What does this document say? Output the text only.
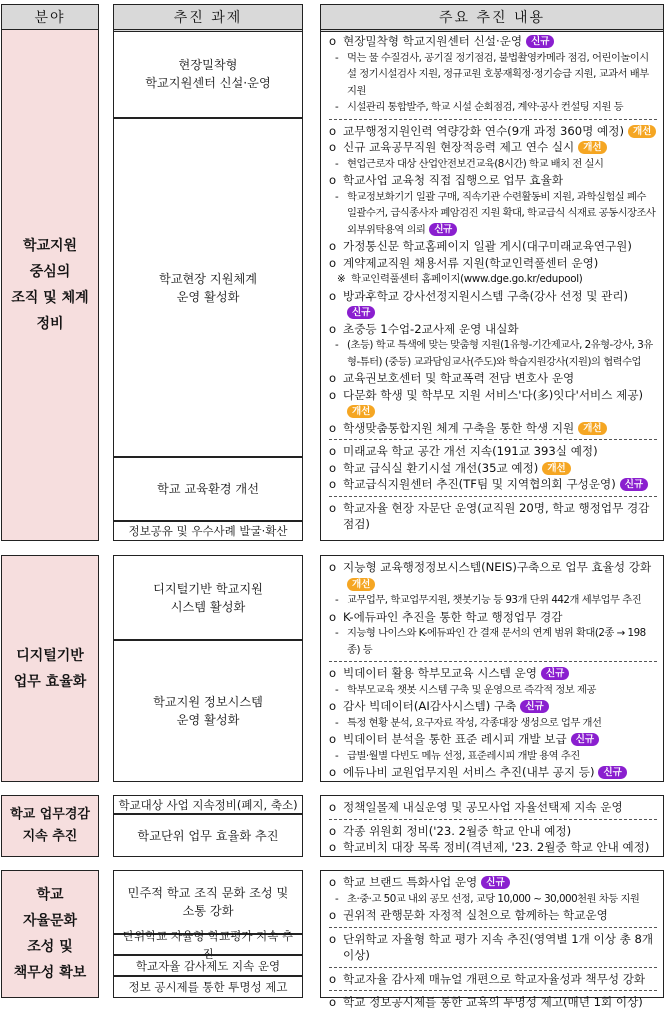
분야	추진 과제	주요 추진 내용
학교지원
중심의
조직 및 체계
정비
현장밀착형
학교지원센터 신설·운영
학교현장 지원체계
운영 활성화
학교 교육환경 개선
정보공유 및 우수사례 발굴·확산
o 현장밀착형 학교지원센터 신설·운영 신규
- 먹는 물 수질검사, 공기질 정기점검, 불법촬영카메라 점검, 어린이놀이시설 정기시설검사 지원, 정규교원 호봉재획정·정기승급 지원, 교과서 배부지원
- 시설관리 통합발주, 학교 시설 순회점검, 계약·공사 컨설팅 지원 등
o 교무행정지원인력 역량강화 연수(9개 과정 360명 예정) 개선
o 신규 교육공무직원 현장적응력 제고 연수 실시 개선
- 현업근로자 대상 산업안전보건교육(8시간) 학교 배치 전 실시
o 학교사업 교육청 직접 집행으로 업무 효율화
- 학교정보화기기 일괄 구매, 직속기관 수련활동비 지원, 과학실험실 폐수 일괄수거, 급식종사자 폐암검진 지원 확대, 학교급식 식재료 공동시장조사 외부위탁용역 의뢰 신규
o 가정통신문 학교홈페이지 일괄 게시(대구미래교육연구원)
o 계약제교직원 채용서류 지원(학교인력풀센터 운영)
※ 학교인력풀센터 홈페이지(www.dge.go.kr/edupool)
o 방과후학교 강사선정지원시스템 구축(강사 선정 및 관리)신규
o 초중등 1수업-2교사제 운영 내실화
- (초등) 학교 특색에 맞는 맞춤형 지원(1유형-기간제교사, 2유형-강사, 3유형-튜터) (중등) 교과담임교사(주도)와 학습지원강사(지원)의 협력수업
o 교육권보호센터 및 학교폭력 전담 변호사 운영
o 다문화 학생 및 학부모 지원 서비스'다(多)잇다'서비스 제공)개선
o 학생맞춤통합지원 체계 구축을 통한 학생 지원 개선
o 미래교육 학교 공간 개선 지속(191교 393실 예정)
o 학교 급식실 환기시설 개선(35교 예정) 개선
o 학교급식지원센터 추진(TF팀 및 지역협의회 구성운영) 신규
o 학교자율 현장 자문단 운영(교직원 20명, 학교 행정업무 경감 점검)
디지털기반
업무 효율화
디지털기반 학교지원
시스템 활성화
학교지원 정보시스템
운영 활성화
o 지능형 교육행정정보시스템(NEIS)구축으로 업무 효율성 강화개선
- 교무업무, 학교업무지원, 챗봇기능 등 93개 단위 442개 세부업무 추진
o K-에듀파인 추진을 통한 학교 행정업무 경감
- 지능형 나이스와 K-에듀파인 간 결재 문서의 연계 범위 확대(2종 → 198종) 등
o 빅데이터 활용 학부모교육 시스템 운영 신규
- 학부모교육 챗봇 시스템 구축 및 운영으로 즉각적 정보 제공
o 감사 빅데이터(AI감사시스템) 구축 신규
- 특정 현황 분석, 요구자료 작성, 각종대장 생성으로 업무 개선
o 빅데이터 분석을 통한 표준 레시피 개발 보급 신규
- 급별·월별 다빈도 메뉴 선정, 표준레시피 개발 용역 추진
o 에듀나비 교원업무지원 서비스 추진(내부 공지 등) 신규
학교 업무경감
지속 추진
학교대상 사업 지속정비(폐지, 축소)
학교단위 업무 효율화 추진
o 정책일몰제 내실운영 및 공모사업 자율선택제 지속 운영
o 각종 위원회 정비('23. 2월중 학교 안내 예정)
o 학교비치 대장 목록 정비(격년제, '23. 2월중 학교 안내 예정)
학교
자율문화
조성 및
책무성 확보
민주적 학교 조직 문화 조성 및
소통 강화
단위학교 자율형 학교평가 지속 추진
학교자율 감사제도 지속 운영
정보 공시제를 통한 투명성 제고
o 학교 브랜드 특화사업 운영 신규
- 초·중·고 50교 내외 공모 선정, 교당 10,000 ~ 30,000천원 차등 지원
o 권위적 관행문화 자정적 실천으로 함께하는 학교운영
o 단위학교 자율형 학교 평가 지속 추진(영역별 1개 이상 총 8개 이상)
o 학교자율 감사제 매뉴얼 개편으로 학교자율성과 책무성 강화
o 학교 정보공시제를 통한 교육의 투명성 제고(매년 1회 이상)
